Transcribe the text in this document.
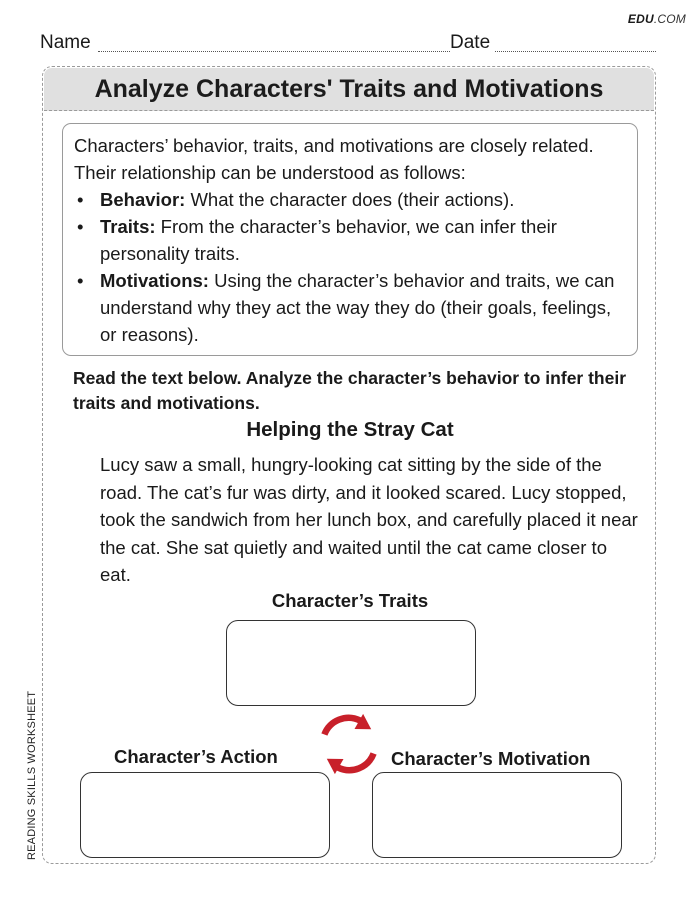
EDU.COM
Name	Date
Analyze Characters' Traits and Motivations

Characters’ behavior, traits, and motivations are closely related. Their relationship can be understood as follows:

• Behavior: What the character does (their actions).
• Traits: From the character’s behavior, we can infer their personality traits.
• Motivations: Using the character’s behavior and traits, we can understand why they act the way they do (their goals, feelings, or reasons).
Read the text below. Analyze the character’s behavior to infer their traits and motivations.
Helping the Stray Cat

Lucy saw a small, hungry-looking cat sitting by the side of the road. The cat’s fur was dirty, and it looked scared. Lucy stopped, took the sandwich from her lunch box, and carefully placed it near the cat. She sat quietly and waited until the cat came closer to eat.

Character’s Traits
Character’s Action	Character’s Motivation
READING SKILLS WORKSHEET
